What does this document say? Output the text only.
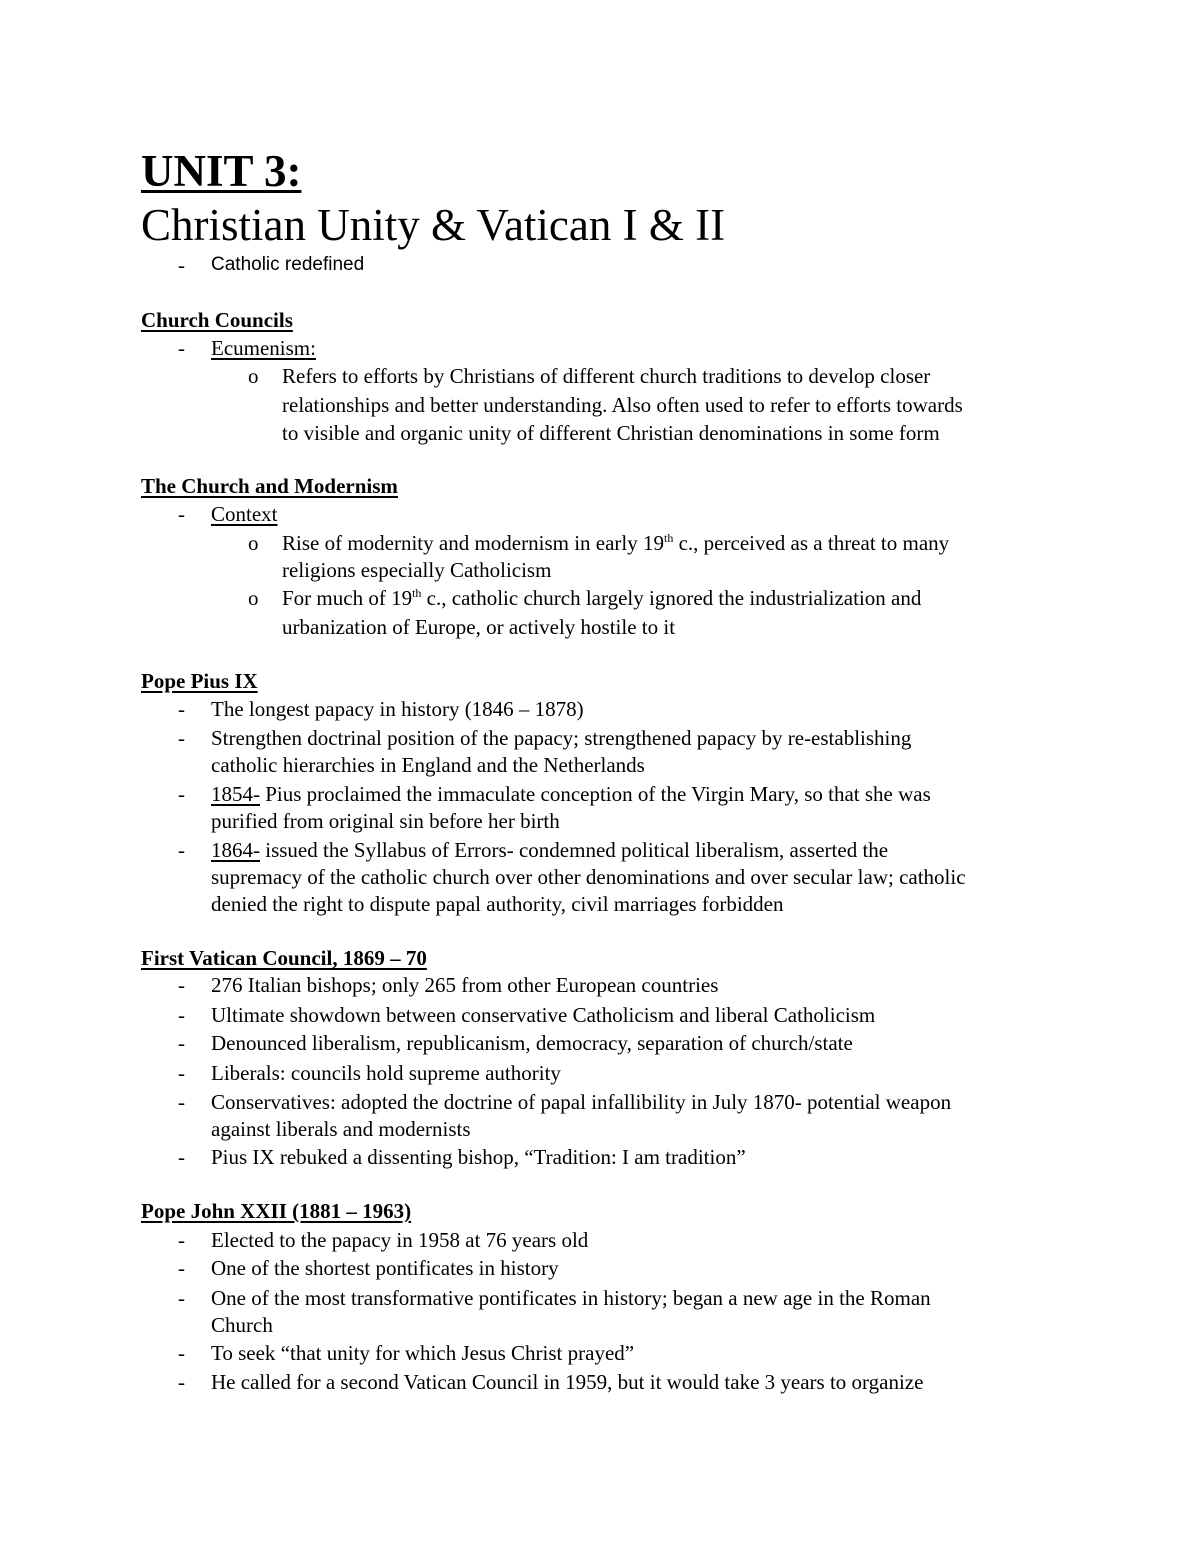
UNIT 3:
Christian Unity & Vatican I & II
- Catholic redefined
Church Councils
- Ecumenism:
o Refers to efforts by Christians of different church traditions to develop closer
relationships and better understanding. Also often used to refer to efforts towards
to visible and organic unity of different Christian denominations in some form
The Church and Modernism
- Context
o Rise of modernity and modernism in early 19th c., perceived as a threat to many
religions especially Catholicism
o For much of 19th c., catholic church largely ignored the industrialization and
urbanization of Europe, or actively hostile to it
Pope Pius IX
- The longest papacy in history (1846 – 1878)
- Strengthen doctrinal position of the papacy; strengthened papacy by re-establishing
catholic hierarchies in England and the Netherlands
- 1854- Pius proclaimed the immaculate conception of the Virgin Mary, so that she was
purified from original sin before her birth
- 1864- issued the Syllabus of Errors- condemned political liberalism, asserted the
supremacy of the catholic church over other denominations and over secular law; catholic
denied the right to dispute papal authority, civil marriages forbidden
First Vatican Council, 1869 – 70
- 276 Italian bishops; only 265 from other European countries
- Ultimate showdown between conservative Catholicism and liberal Catholicism
- Denounced liberalism, republicanism, democracy, separation of church/state
- Liberals: councils hold supreme authority
- Conservatives: adopted the doctrine of papal infallibility in July 1870- potential weapon
against liberals and modernists
- Pius IX rebuked a dissenting bishop, “Tradition: I am tradition”
Pope John XXII (1881 – 1963)
- Elected to the papacy in 1958 at 76 years old
- One of the shortest pontificates in history
- One of the most transformative pontificates in history; began a new age in the Roman
Church
- To seek “that unity for which Jesus Christ prayed”
- He called for a second Vatican Council in 1959, but it would take 3 years to organize
